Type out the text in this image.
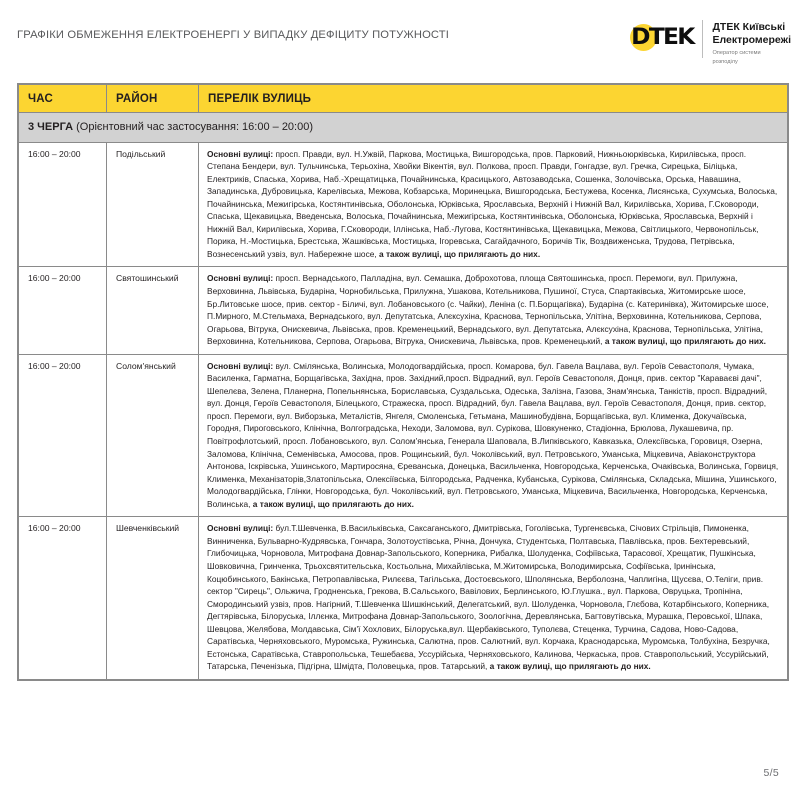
ГРАФІКИ ОБМЕЖЕННЯ ЕЛЕКТРОЕНЕРГІ У ВИПАДКУ ДЕФІЦИТУ ПОТУЖНОСТІ	DTEK ДТЕК Київські
Електромережі
Оператор системи
розподілу
3 ЧЕРГА (Орієнтовний час застосування: 16:00 – 20:00)		
ЧАС	РАЙОН	ПЕРЕЛІК ВУЛИЦЬ
16:00 – 20:00	Подільський	Основні вулиці: просп. Правди, вул. Н.Ужвій, Паркова, Мостицька, Вишгородська, пров. Парковий, Нижньоюрківська, Кирилівська, просп. Степана Бендери, вул. Тульчинська, Терьохіна, Хвойки Вікентія, вул. Полкова, просп. Правди, Гонгадзе, вул. Гречка, Сирецька, Біліцька, Електриків, Спаська, Хорива, Наб.-Хрещатицька, Почайнинська, Красицького, Автозаводська, Сошенка, Золочівська, Орська, Навашина, Западинська, Дубровицька, Карелівська, Межова, Кобзарська, Моринецька, Вишгородська, Бестужева, Косенка, Лисянська, Сухумська, Волоська, Почайнинська, Межигірська, Костянтинівська, Оболонська, Юрківська, Ярославська, Верхній і Нижній Вал, Кирилівська, Хорива, Г.Сковороди, Спаська, Щекавицька, Введенська, Волоська, Почайнинська, Межигірська, Костянтинівська, Оболонська, Юрківська, Ярославська, Верхній і Нижній Вал, Кирилівська, Хорива, Г.Сковороди, Іллінська, Наб.-Лугова, Костянтинівська, Щекавицька, Межова, Світлицького, Червонопільськ, Порика, Н.-Мостицька, Брестська, Жашківська, Мостицька, Ігоревська, Сагайдачного, Боричів Тік, Воздвиженська, Трудова, Петрівська, Вознесенський узвіз, вул. Набережне шосе, а також вулиці, що прилягають до них.
16:00 – 20:00	Святошинський	Основні вулиці: просп. Вернадського, Палладіна, вул. Семашка, Доброхотова, площа Святошинська, просп. Перемоги, вул. Прилужна, Верховинна, Львівська, Бударіна, Чорнобильська, Прилужна, Ушакова, Котельникова, Пушиної, Стуса, Спартаківська, Житомирське шосе, Бр.Литовське шосе, прив. сектор - Біличі, вул. Лобановського (с. Чайки), Леніна (с. П.Борщагівка), Бударіна (с. Катеринівка), Житомирське шосе, П.Мирного, М.Стельмаха, Вернадського, вул. Депутатська, Алєксухіна, Краснова, Тернопільська, Улітіна, Верховинна, Котельникова, Серпова, Огарьова, Вітрука, Онискевича, Львівська, пров. Кременецький, Вернадського, вул. Депутатська, Алєксухіна, Краснова, Тернопільська, Улітіна, Верховинна, Котельникова, Серпова, Огарьова, Вітрука, Онискевича, Львівська, пров. Кременецький, а також вулиці, що прилягають до них.
16:00 – 20:00	Солом'янський	Основні вулиці: вул. Смілянська, Волинська, Молодогвардійська, просп. Комарова, бул. Гавела Вацлава, вул. Героїв Севастополя, Чумака, Василенка, Гарматна, Борщагівська, Західна, пров. Західний,просп. Відрадний, вул. Героїв Севастополя, Донця, прив. сектор "Караваєві дачі", Шепелєва, Зелена, Планерна, Попельнянська, Бориславська, Суздальська, Одеська, Залізна, Газова, Знам'янська, Танкістів, просп. Відрадний, вул. Донця, Героїв Севастополя, Білецького, Стражеска, просп. Відрадний, бул. Гавела Вацлава, вул. Героїв Севастополя, Донця, прив. сектор, просп. Перемоги, вул. Виборзька, Металістів, Янгеля, Смоленська, Гетьмана, Машинобудівна, Борщагівська, вул. Клименка, Докучаївська, Городня, Пироговського, Клінічна, Волгоградська, Неходи, Заломова, вул. Сурікова, Шовкуненко, Стадіонна, Брюлова, Лукашевича, пр. Повітрофлотський, просп. Лобановського, вул. Солом'янська, Генерала Шаповала, В.Липківського, Кавказька, Олексіївська, Горовиця, Озерна, Заломова, Клінічна, Семенівська, Амосова, пров. Рощинський, бул. Чоколівський, вул. Петровського, Уманська, Міцкевича, Авіаконструктора Антонова, Іскрівська, Ушинського, Мартиросяна, Єреванська, Донецька, Васильченка, Новгородська, Керченська, Очаківська, Волинська, Горвиця, Клименка, Механізаторів,Златопільська, Олексіївська, Білгородська, Радченка, Кубанська, Сурікова, Смілянська, Складська, Мішина, Ушинського, Молодогвардійська, Глінки, Новгородська, бул. Чоколівський, вул. Петровського, Уманська, Міцкевича, Васильченка, Новгородська, Керченська, Волинська, а також вулиці, що прилягають до них.
16:00 – 20:00	Шевченківський	Основні вулиці: бул.Т.Шевченка, В.Васильківська, Саксаганського, Дмитрівська, Гоголівська, Тургенєвська, Січових Стрільців, Пимоненка, Винниченка, Бульварно-Кудрявська, Гончара, Золотоустівська, Річна, Дончука, Студентська, Полтавська, Павлівська, пров. Бехтеревський, Глибочицька, Чорновола, Митрофана Довнар-Запольського, Коперника, Рибалка, Шолуденка, Софіївська, Тарасової, Хрещатик, Пушкінська, Шовковична, Гринченка, Трьохсвятительська, Костьольна, Михайлівська, М.Житомирська, Володимирська, Софіївська, Іринінська, Коцюбинського, Бакінська, Петропавлівська, Рилєєва, Тагільська, Достоєвського, Шполянська, Верболозна, Чаплигіна, Щусєва, О.Теліги, прив. сектор "Сирець", Ольжича, Гродненська, Грекова, В.Сальського, Вавілових, Берлинського, Ю.Глушка., вул. Паркова, Овруцька, Тропініна, Смородинський узвіз, пров. Нагірний, Т.Шевченка Шишкінський, Делегатський, вул. Шолуденка, Чорновола, Глєбова, Котарбінського, Коперника, Дегтярівська, Білоруська, Іллєнка, Митрофана Довнар-Запольського, Зоологічна, Деревлянська, Багтовутівська, Мурашка, Перовської, Шпака, Шевцова, Желябова, Молдавська, Сім'ї Хохлових, Білоруська,вул. Щербаківського, Туполєва, Стеценка, Турчина, Садова, Ново-Садова, Саратівська, Черняховського, Муромська, Ружинська, Салютна, пров. Салютний, вул. Корчака, Краснодарська, Муромська, Толбухіна, Безручка, Естонська, Саратівська, Ставропольська, Тешебаєва, Уссурійська, Черняховського, Калинова, Черкаська, пров. Ставропольський, Уссурійський, Татарська, Печенізька, Підгірна, Шмідта, Половецька, пров. Татарський, а також вулиці, що прилягають до них.
5/5
